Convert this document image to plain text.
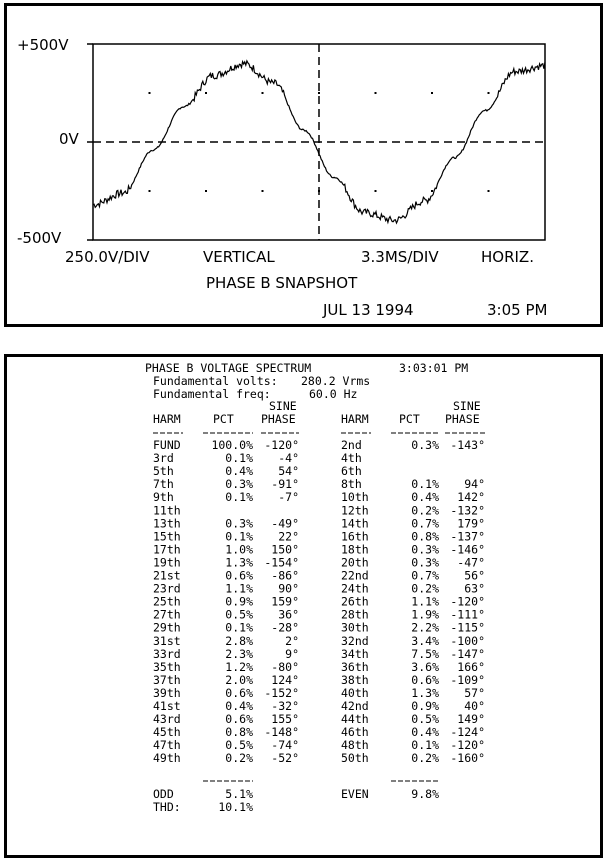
+500V
0V
-500V
250.0V/DIV	VERTICAL	3.3MS/DIV	HORIZ.
PHASE B SNAPSHOT
JUL 13 1994	3:05 PM
PHASE B VOLTAGE SPECTRUM	3:03:01 PM
Fundamental volts: 280.2 Vrms
Fundamental freq:	60.0 Hz
SINE	SINE
HARM	PCT PHASE	HARM	PCT PHASE
FUND	100.0% -120°	2nd	0.3% -143°
3rd	0.1% -4°	4th
5th	0.4% 54°	6th
7th	0.3% -91°	8th	0.1% 94°
9th	0.1% -7°	10th	0.4% 142°
11th	12th	0.2% -132°
13th	0.3% -49°	14th	0.7% 179°
15th	0.1% 22°	16th	0.8% -137°
17th	1.0% 150°	18th	0.3% -146°
19th	1.3% -154°	20th	0.3% -47°
21st	0.6% -86°	22nd	0.7% 56°
23rd	1.1% 90°	24th	0.2% 63°
25th	0.9% 159°	26th	1.1% -120°
27th	0.5% 36°	28th	1.9% -111°
29th	0.1% -28°	30th	2.2% -115°
31st	2.8%	2°	32nd	3.4% -100°
33rd	2.3%	9°	34th	7.5% -147°
35th	1.2% -80°	36th	3.6% 166°
37th	2.0% 124°	38th	0.6% -109°
39th	0.6% -152°	40th	1.3% 57°
41st	0.4% -32°	42nd	0.9% 40°
43rd	0.6% 155°	44th	0.5% 149°
45th	0.8% -148°	46th	0.4% -124°
47th	0.5% -74°	48th	0.1% -120°
49th	0.2% -52°	50th	0.2% -160°
ODD	5.1%	EVEN	9.8%
THD:	10.1%
